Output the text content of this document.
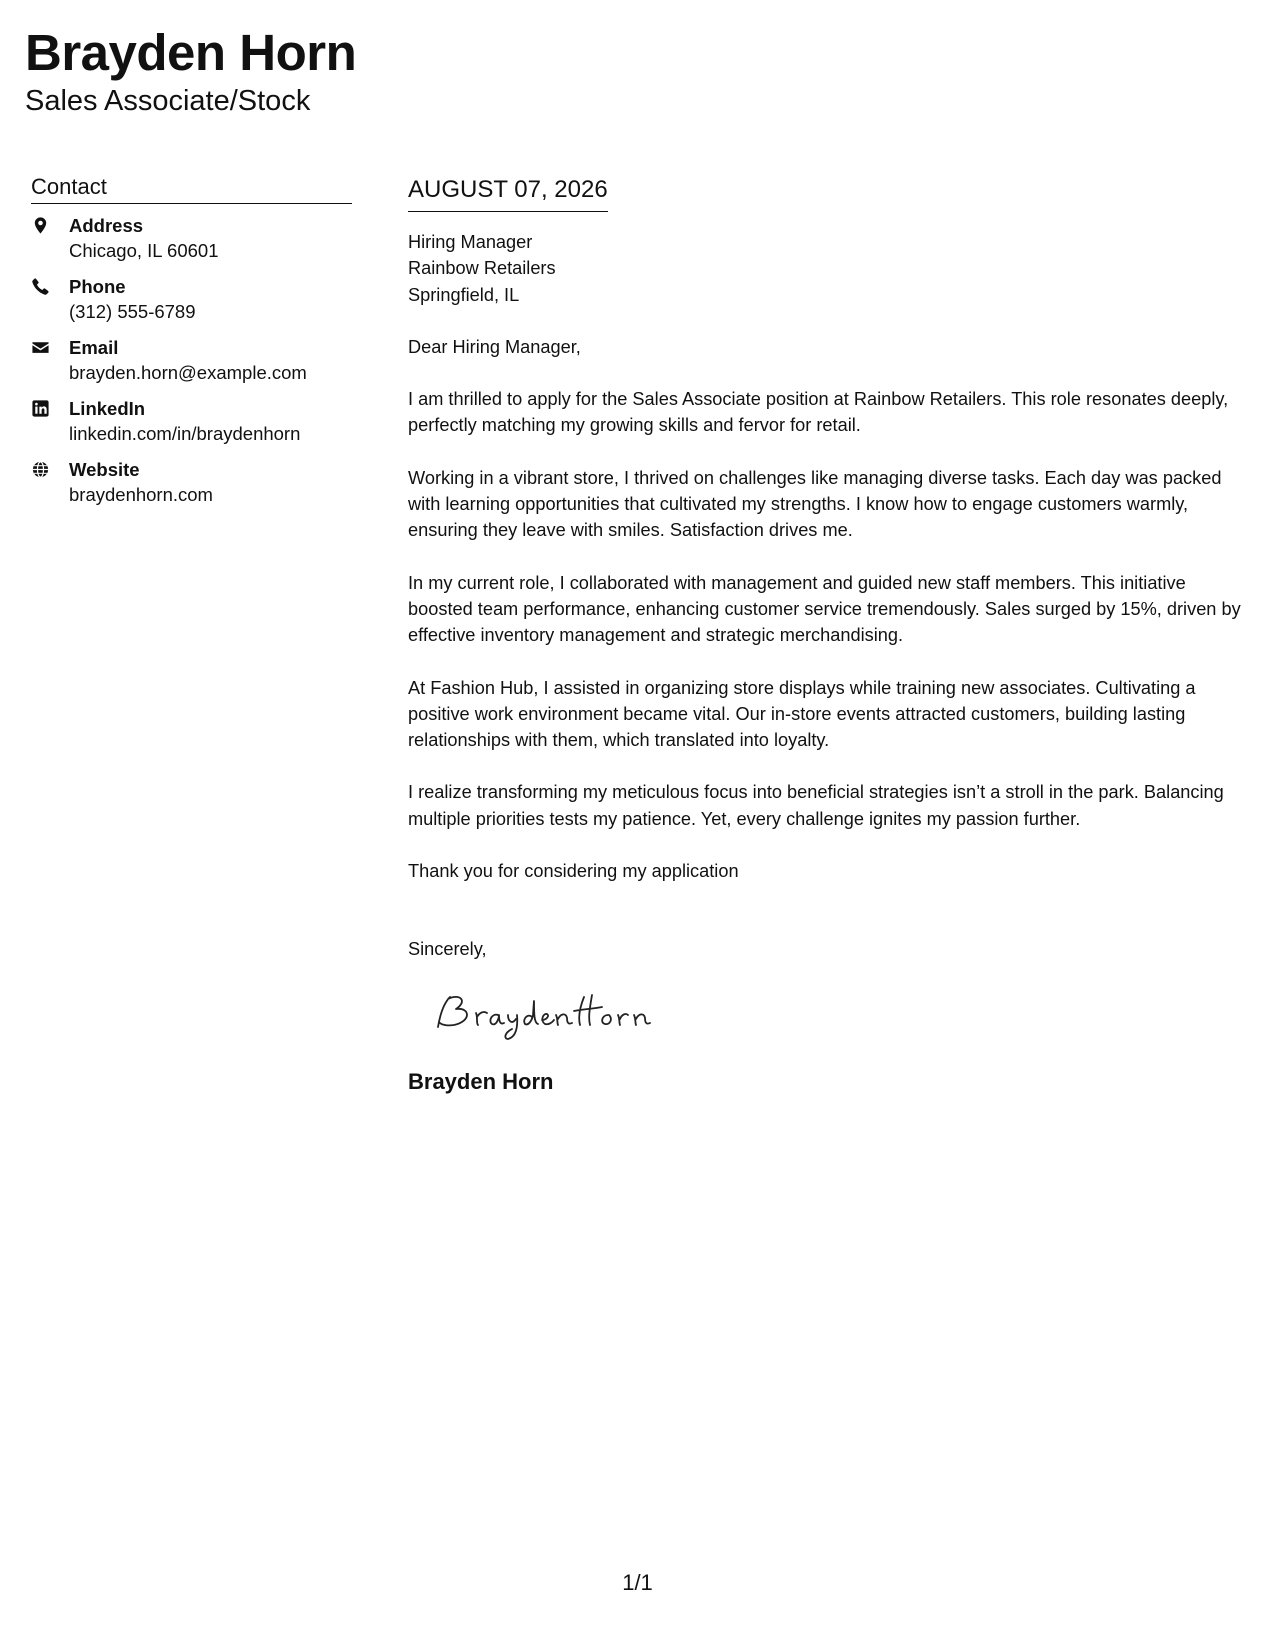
Brayden Horn
Sales Associate/Stock
Contact
Address
Chicago, IL 60601
Phone
(312) 555-6789
Email
brayden.horn@example.com
LinkedIn
linkedin.com/in/braydenhorn
Website
braydenhorn.com
AUGUST 07, 2026
Hiring Manager
Rainbow Retailers
Springfield, IL

Dear Hiring Manager,

I am thrilled to apply for the Sales Associate position at Rainbow Retailers. This role resonates deeply, perfectly matching my growing skills and fervor for retail.

Working in a vibrant store, I thrived on challenges like managing diverse tasks. Each day was packed with learning opportunities that cultivated my strengths. I know how to engage customers warmly, ensuring they leave with smiles. Satisfaction drives me.

In my current role, I collaborated with management and guided new staff members. This initiative boosted team performance, enhancing customer service tremendously. Sales surged by 15%, driven by effective inventory management and strategic merchandising.

At Fashion Hub, I assisted in organizing store displays while training new associates. Cultivating a positive work environment became vital. Our in-store events attracted customers, building lasting relationships with them, which translated into loyalty.

I realize transforming my meticulous focus into beneficial strategies isn’t a stroll in the park. Balancing multiple priorities tests my patience. Yet, every challenge ignites my passion further.

Thank you for considering my application

Sincerely,
Brayden Horn
1/1
